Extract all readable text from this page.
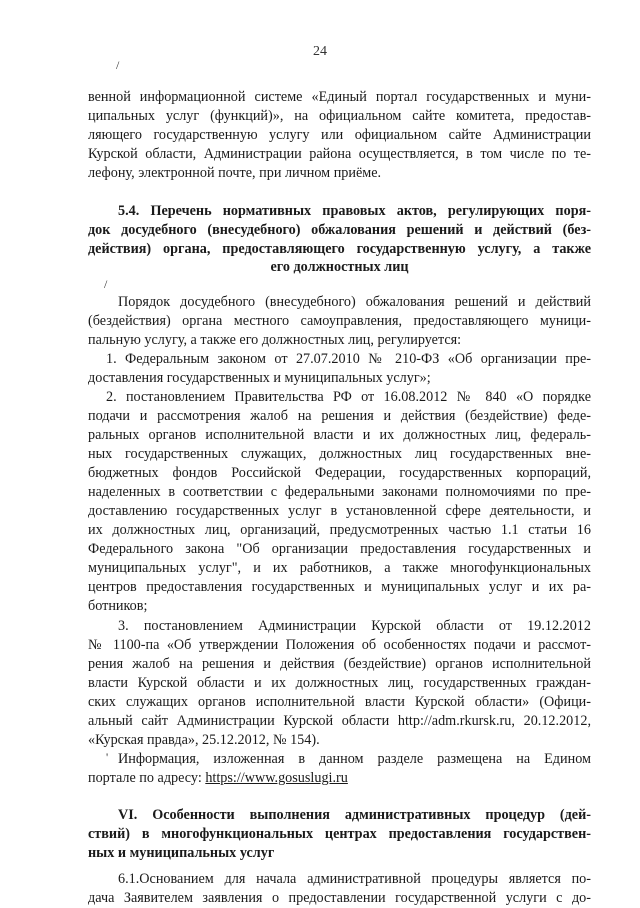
24
/
венной информационной системе «Единый портал государственных и муни-
ципальных услуг (функций)», на официальном сайте комитета, предостав-
ляющего государственную услугу или официальном сайте Администрации
Курской области, Администрации района осуществляется, в том числе по те-
лефону, электронной почте, при личном приёме.
5.4. Перечень нормативных правовых актов, регулирующих поря-
док досудебного (внесудебного) обжалования решений и действий (без-
действия) органа, предоставляющего государственную услугу, а также
его должностных лиц
/
Порядок досудебного (внесудебного) обжалования решений и действий
(бездействия) органа местного самоуправления, предоставляющего муници-
пальную услугу, а также его должностных лиц, регулируется:
1. Федеральным законом от 27.07.2010 № 210-ФЗ «Об организации пре-
доставления государственных и муниципальных услуг»;
2. постановлением Правительства РФ от 16.08.2012 № 840 «О порядке
подачи и рассмотрения жалоб на решения и действия (бездействие) феде-
ральных органов исполнительной власти и их должностных лиц, федераль-
ных государственных служащих, должностных лиц государственных вне-
бюджетных фондов Российской Федерации, государственных корпораций,
наделенных в соответствии с федеральными законами полномочиями по пре-
доставлению государственных услуг в установленной сфере деятельности, и
их должностных лиц, организаций, предусмотренных частью 1.1 статьи 16
Федерального закона "Об организации предоставления государственных и
муниципальных услуг", и их работников, а также многофункциональных
центров предоставления государственных и муниципальных услуг и их ра-
ботников;
3. постановлением Администрации Курской области от 19.12.2012
№ 1100-па «Об утверждении Положения об особенностях подачи и рассмот-
рения жалоб на решения и действия (бездействие) органов исполнительной
власти Курской области и их должностных лиц, государственных граждан-
ских служащих органов исполнительной власти Курской области» (Офици-
альный сайт Администрации Курской области http://adm.rkursk.ru, 20.12.2012,
«Курская правда», 25.12.2012, № 154).
' Информация, изложенная в данном разделе размещена на Едином
портале по адресу: https://www.gosuslugi.ru
VI. Особенности выполнения административных процедур (дей-
ствий) в многофункциональных центрах предоставления государствен-
ных и муниципальных услуг
6.1.Основанием для начала административной процедуры является по-
дача Заявителем заявления о предоставлении государственной услуги с до-
